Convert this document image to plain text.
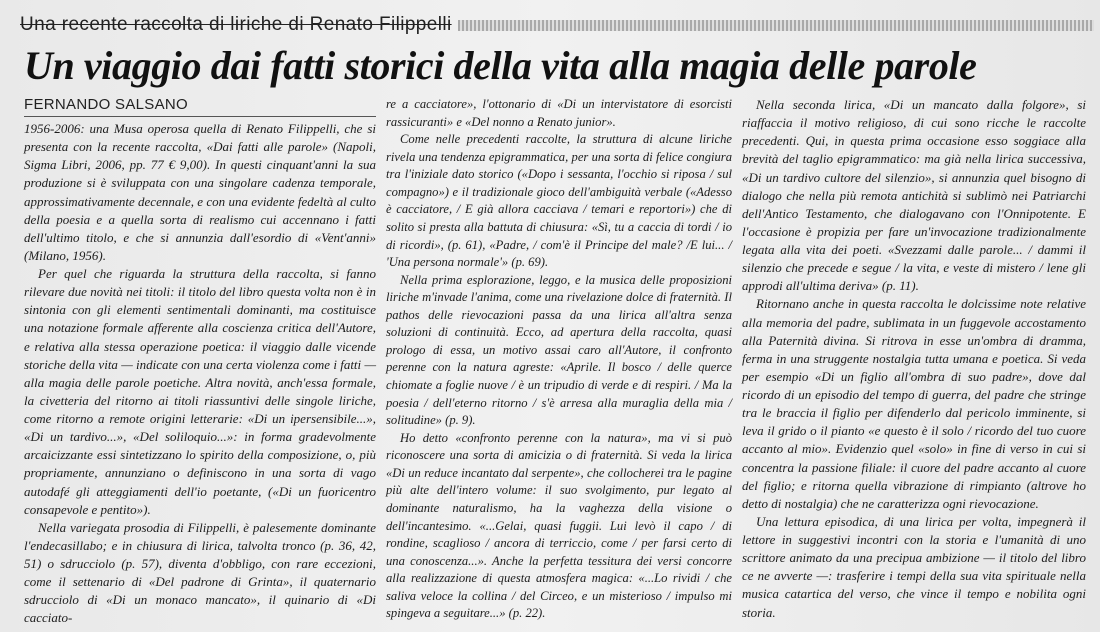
Una recente raccolta di liriche di Renato Filippelli
Un viaggio dai fatti storici della vita alla magia delle parole
FERNANDO SALSANO

1956-2006: una Musa operosa quella di Renato Filippelli, che si presenta con la recente raccolta, «Dai fatti alle parole» (Napoli, Sigma Libri, 2006, pp. 77 € 9,00). In questi cinquant'anni la sua produzione si è sviluppata con una singolare cadenza temporale, approssimativamente decennale, e con una evidente fedeltà al culto della poesia e a quella sorta di realismo cui accennano i fatti dell'ultimo titolo, e che si annunzia dall'esordio di «Vent'anni» (Milano, 1956).

Per quel che riguarda la struttura della raccolta, si fanno rilevare due novità nei titoli: il titolo del libro questa volta non è in sintonia con gli elementi sentimentali dominanti, ma costituisce una notazione formale afferente alla coscienza critica dell'Autore, e relativa alla stessa operazione poetica: il viaggio dalle vicende storiche della vita — indicate con una certa violenza come i fatti — alla magia delle parole poetiche. Altra novità, anch'essa formale, la civetteria del ritorno ai titoli riassuntivi delle singole liriche, come ritorno a remote origini letterarie: «Di un ipersensibile...», «Di un tardivo...», «Del soliloquio...»: in forma gradevolmente arcaicizzante essi sintetizzano lo spirito della composizione, o, più propriamente, annunziano o definiscono in una sorta di vago autodafé gli atteggiamenti dell'io poetante, («Di un fuoricentro consapevole e pentito»).

Nella variegata prosodia di Filippelli, è palesemente dominante l'endecasillabo; e in chiusura di lirica, talvolta tronco (p. 36, 42, 51) o sdrucciolo (p. 57), diventa d'obbligo, con rare eccezioni, come il settenario di «Del padrone di Grinta», il quaternario sdrucciolo di «Di un monaco mancato», il quinario di «Di cacciato-

re a cacciatore», l'ottonario di «Di un intervistatore di esorcisti rassicuranti» e «Del nonno a Renato junior».

Come nelle precedenti raccolte, la struttura di alcune liriche rivela una tendenza epigrammatica, per una sorta di felice congiura tra l'iniziale dato storico («Dopo i sessanta, l'occhio si riposa / sul compagno») e il tradizionale gioco dell'ambiguità verbale («Adesso è cacciatore, / E già allora cacciava / temari e reportori») che di solito si presta alla battuta di chiusura: «Sì, tu a caccia di tordi / io di ricordi», (p. 61), «Padre, / com'è il Principe del male? /E lui... / 'Una persona normale'» (p. 69).

Nella prima esplorazione, leggo, e la musica delle proposizioni liriche m'invade l'anima, come una rivelazione dolce di fraternità. Il pathos delle rievocazioni passa da una lirica all'altra senza soluzioni di continuità. Ecco, ad apertura della raccolta, quasi prologo di essa, un motivo assai caro all'Autore, il confronto perenne con la natura agreste: «Aprile. Il bosco / delle querce chiomate a foglie nuove / è un tripudio di verde e di respiri. / Ma la poesia / dell'eterno ritorno / s'è arresa alla muraglia della mia / solitudine» (p. 9).

Ho detto «confronto perenne con la natura», ma vi si può riconoscere una sorta di amicizia o di fraternità. Si veda la lirica «Di un reduce incantato dal serpente», che collocherei tra le pagine più alte dell'intero volume: il suo svolgimento, pur legato al dominante naturalismo, ha la vaghezza della visione o dell'incantesimo. «...Gelai, quasi fuggii. Lui levò il capo / di rondine, scaglioso / ancora di terriccio, come / per farsi certo di una conoscenza...». Anche la perfetta tessitura dei versi concorre alla realizzazione di questa atmosfera magica: «...Lo rividi / che saliva veloce la collina / del Circeo, e un misterioso / impulso mi spingeva a seguitare...» (p. 22).

Nella seconda lirica, «Di un mancato dalla folgore», si riaffaccia il motivo religioso, di cui sono ricche le raccolte precedenti. Qui, in questa prima occasione esso soggiace alla brevità del taglio epigrammatico: ma già nella lirica successiva, «Di un tardivo cultore del silenzio», si annunzia quel bisogno di dialogo che nella più remota antichità si sublimò nei Patriarchi dell'Antico Testamento, che dialogavano con l'Onnipotente. E l'occasione è propizia per fare un'invocazione tradizionalmente legata alla vita dei poeti. «Svezzami dalle parole... / dammi il silenzio che precede e segue / la vita, e veste di mistero / lene gli approdi all'ultima deriva» (p. 11).

Ritornano anche in questa raccolta le dolcissime note relative alla memoria del padre, sublimata in un fuggevole accostamento alla Paternità divina. Si ritrova in esse un'ombra di dramma, ferma in una struggente nostalgia tutta umana e poetica. Si veda per esempio «Di un figlio all'ombra di suo padre», dove dal ricordo di un episodio del tempo di guerra, del padre che stringe tra le braccia il figlio per difenderlo dal pericolo imminente, si leva il grido o il pianto «e questo è il solo / ricordo del tuo cuore accanto al mio». Evidenzio quel «solo» in fine di verso in cui si concentra la passione filiale: il cuore del padre accanto al cuore del figlio; e ritorna quella vibrazione di rimpianto (altrove ho detto di nostalgia) che ne caratterizza ogni rievocazione.

Una lettura episodica, di una lirica per volta, impegnerà il lettore in suggestivi incontri con la storia e l'umanità di uno scrittore animato da una precipua ambizione — il titolo del libro ce ne avverte —: trasferire i tempi della sua vita spirituale nella musica catartica del verso, che vince il tempo e nobilita ogni storia.
